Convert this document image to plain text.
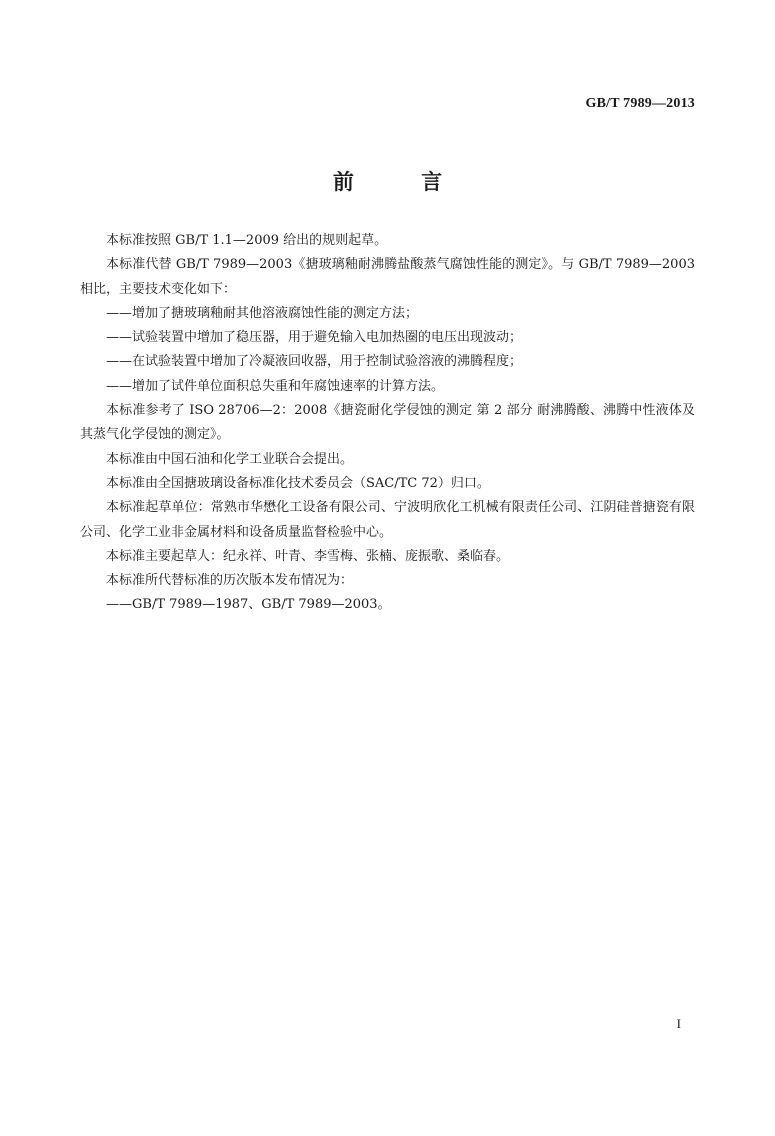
GB/T 7989—2013
前 言

本标准按照 GB/T 1.1—2009 给出的规则起草。

本标准代替 GB/T 7989—2003《搪玻璃釉耐沸腾盐酸蒸气腐蚀性能的测定》。与 GB/T 7989—2003 相比，主要技术变化如下：

——增加了搪玻璃釉耐其他溶液腐蚀性能的测定方法；

——试验装置中增加了稳压器，用于避免输入电加热圈的电压出现波动；

——在试验装置中增加了冷凝液回收器，用于控制试验溶液的沸腾程度；

——增加了试件单位面积总失重和年腐蚀速率的计算方法。

本标准参考了 ISO 28706—2：2008《搪瓷耐化学侵蚀的测定 第 2 部分 耐沸腾酸、沸腾中性液体及其蒸气化学侵蚀的测定》。

本标准由中国石油和化学工业联合会提出。

本标准由全国搪玻璃设备标准化技术委员会（SAC/TC 72）归口。

本标准起草单位：常熟市华懋化工设备有限公司、宁波明欣化工机械有限责任公司、江阴硅普搪瓷有限公司、化学工业非金属材料和设备质量监督检验中心。

本标准主要起草人：纪永祥、叶青、李雪梅、张楠、庞振歌、桑临春。

本标准所代替标准的历次版本发布情况为：

——GB/T 7989—1987、GB/T 7989—2003。

I
